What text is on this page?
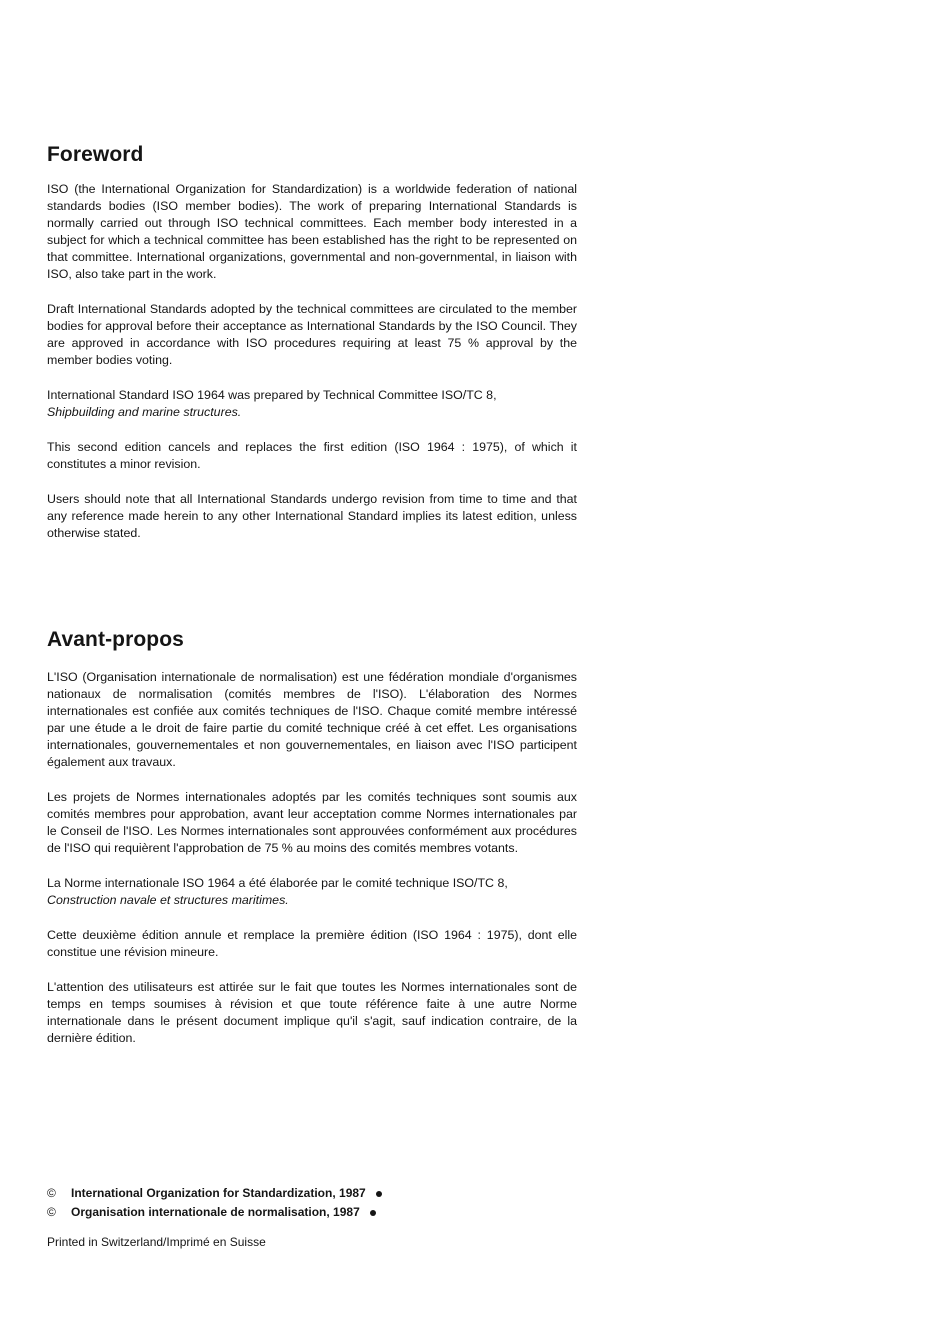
Foreword

ISO (the International Organization for Standardization) is a worldwide federation of national standards bodies (ISO member bodies). The work of preparing International Standards is normally carried out through ISO technical committees. Each member body interested in a subject for which a technical committee has been established has the right to be represented on that committee. International organizations, governmental and non-governmental, in liaison with ISO, also take part in the work.

Draft International Standards adopted by the technical committees are circulated to the member bodies for approval before their acceptance as International Standards by the ISO Council. They are approved in accordance with ISO procedures requiring at least 75 % approval by the member bodies voting.

International Standard ISO 1964 was prepared by Technical Committee ISO/TC 8,
Shipbuilding and marine structures.

This second edition cancels and replaces the first edition (ISO 1964 : 1975), of which it constitutes a minor revision.

Users should note that all International Standards undergo revision from time to time and that any reference made herein to any other International Standard implies its latest edition, unless otherwise stated.

Avant-propos

L'ISO (Organisation internationale de normalisation) est une fédération mondiale d'organismes nationaux de normalisation (comités membres de l'ISO). L'élaboration des Normes internationales est confiée aux comités techniques de l'ISO. Chaque comité membre intéressé par une étude a le droit de faire partie du comité technique créé à cet effet. Les organisations internationales, gouvernementales et non gouvernementales, en liaison avec l'ISO participent également aux travaux.

Les projets de Normes internationales adoptés par les comités techniques sont soumis aux comités membres pour approbation, avant leur acceptation comme Normes internationales par le Conseil de l'ISO. Les Normes internationales sont approuvées conformément aux procédures de l'ISO qui requièrent l'approbation de 75 % au moins des comités membres votants.

La Norme internationale ISO 1964 a été élaborée par le comité technique ISO/TC 8,
Construction navale et structures maritimes.

Cette deuxième édition annule et remplace la première édition (ISO 1964 : 1975), dont elle constitue une révision mineure.

L'attention des utilisateurs est attirée sur le fait que toutes les Normes internationales sont de temps en temps soumises à révision et que toute référence faite à une autre Norme internationale dans le présent document implique qu'il s'agit, sauf indication contraire, de la dernière édition.

© International Organization for Standardization, 1987
© Organisation internationale de normalisation, 1987
Printed in Switzerland/Imprimé en Suisse
